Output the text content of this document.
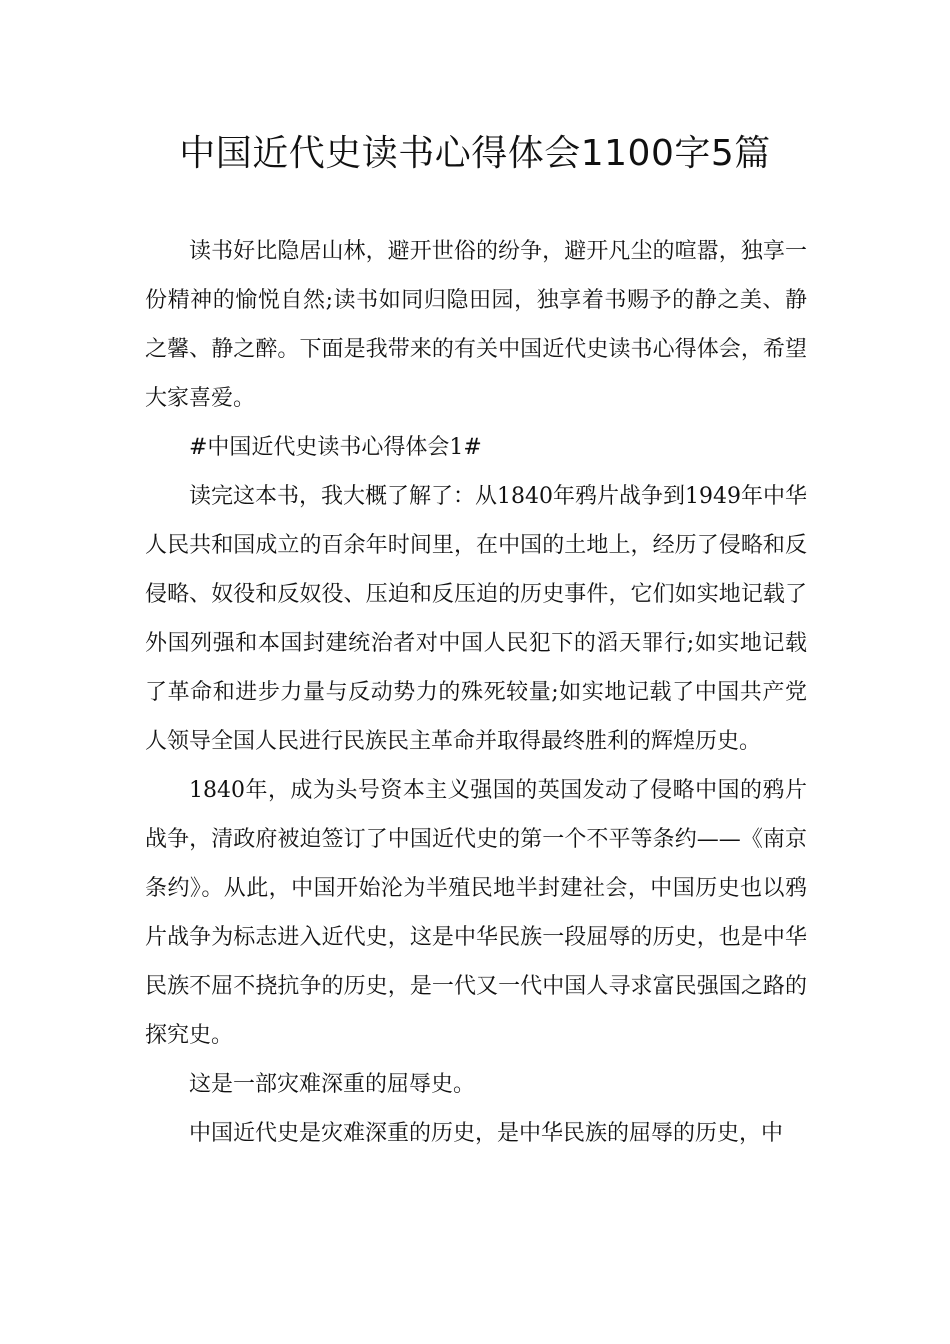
中国近代史读书心得体会1100字5篇

读书好比隐居山林，避开世俗的纷争，避开凡尘的喧嚣，独享一份精神的愉悦自然;读书如同归隐田园，独享着书赐予的静之美、静之馨、静之醉。下面是我带来的有关中国近代史读书心得体会，希望大家喜爱。

#中国近代史读书心得体会1#

读完这本书，我大概了解了：从1840年鸦片战争到1949年中华人民共和国成立的百余年时间里，在中国的土地上，经历了侵略和反侵略、奴役和反奴役、压迫和反压迫的历史事件，它们如实地记载了外国列强和本国封建统治者对中国人民犯下的滔天罪行;如实地记载了革命和进步力量与反动势力的殊死较量;如实地记载了中国共产党人领导全国人民进行民族民主革命并取得最终胜利的辉煌历史。

1840年，成为头号资本主义强国的英国发动了侵略中国的鸦片战争，清政府被迫签订了中国近代史的第一个不平等条约——《南京条约》。从此，中国开始沦为半殖民地半封建社会，中国历史也以鸦片战争为标志进入近代史，这是中华民族一段屈辱的历史，也是中华民族不屈不挠抗争的历史，是一代又一代中国人寻求富民强国之路的探究史。

这是一部灾难深重的屈辱史。

中国近代史是灾难深重的历史，是中华民族的屈辱的历史，中
